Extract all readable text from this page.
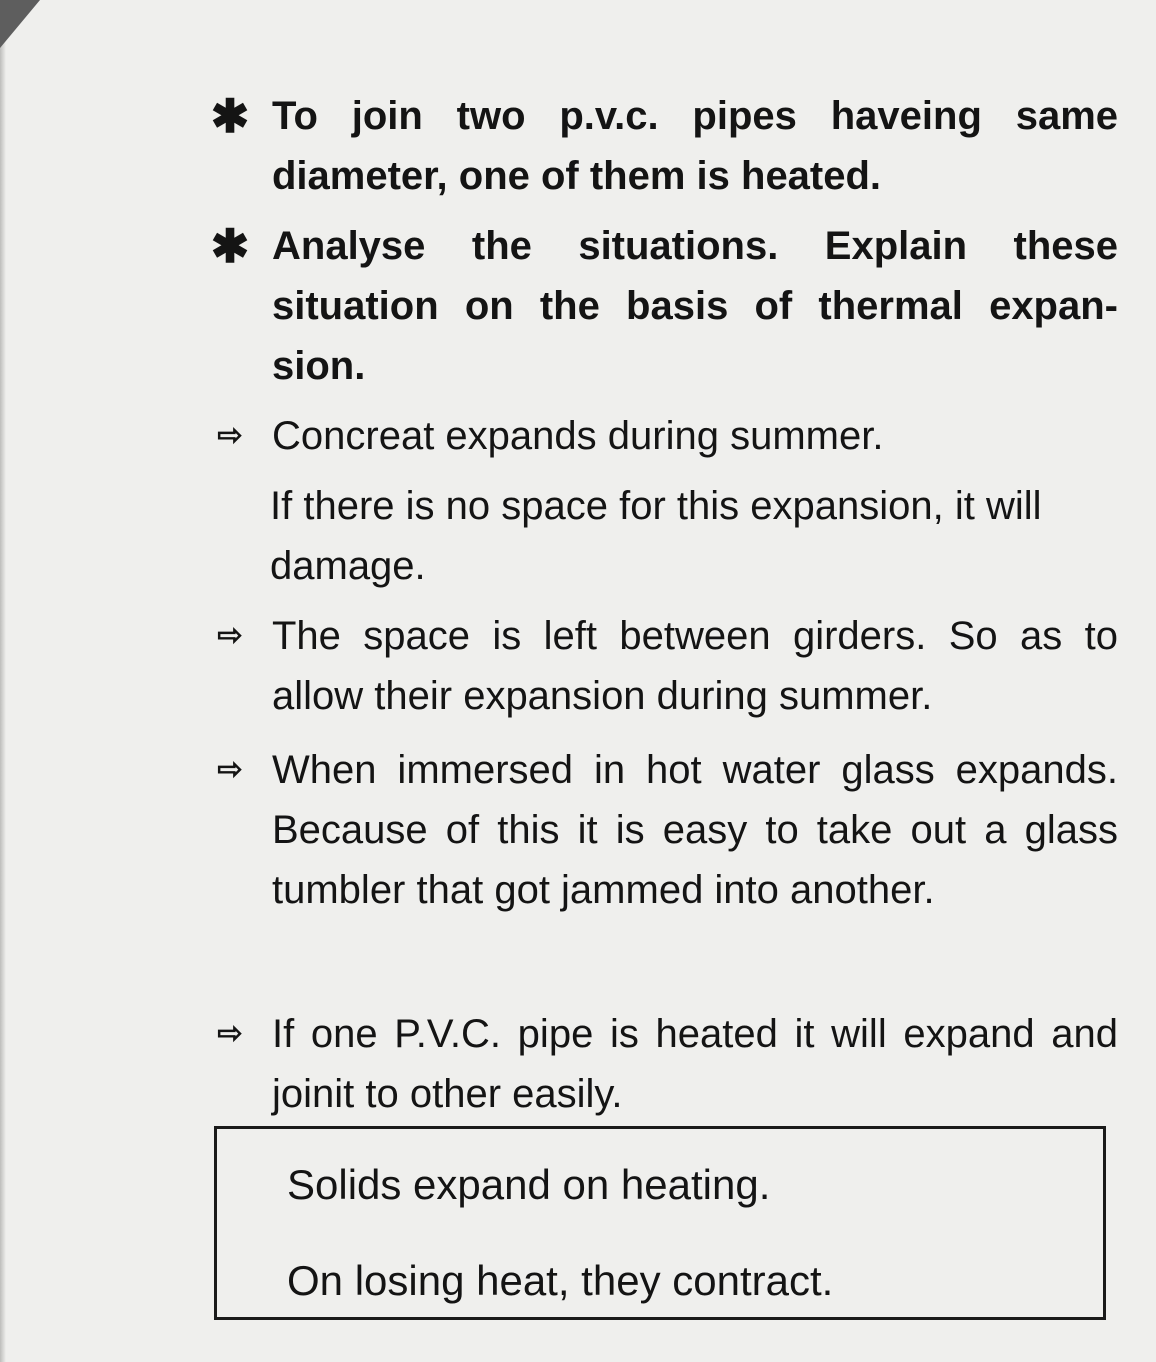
✱ To join two p.v.c. pipes haveing same diameter, one of them is heated.
✱ Analyse the situations. Explain these situation on the basis of thermal expan-sion.
⇨ Concreat expands during summer.
If there is no space for this expansion, it will damage.
⇨ The space is left between girders. So as to allow their expansion during summer.
⇨ When immersed in hot water glass expands. Because of this it is easy to take out a glass tumbler that got jammed into another.
⇨ If one P.V.C. pipe is heated it will expand and joinit to other easily.
Solids expand on heating.
On losing heat, they contract.
